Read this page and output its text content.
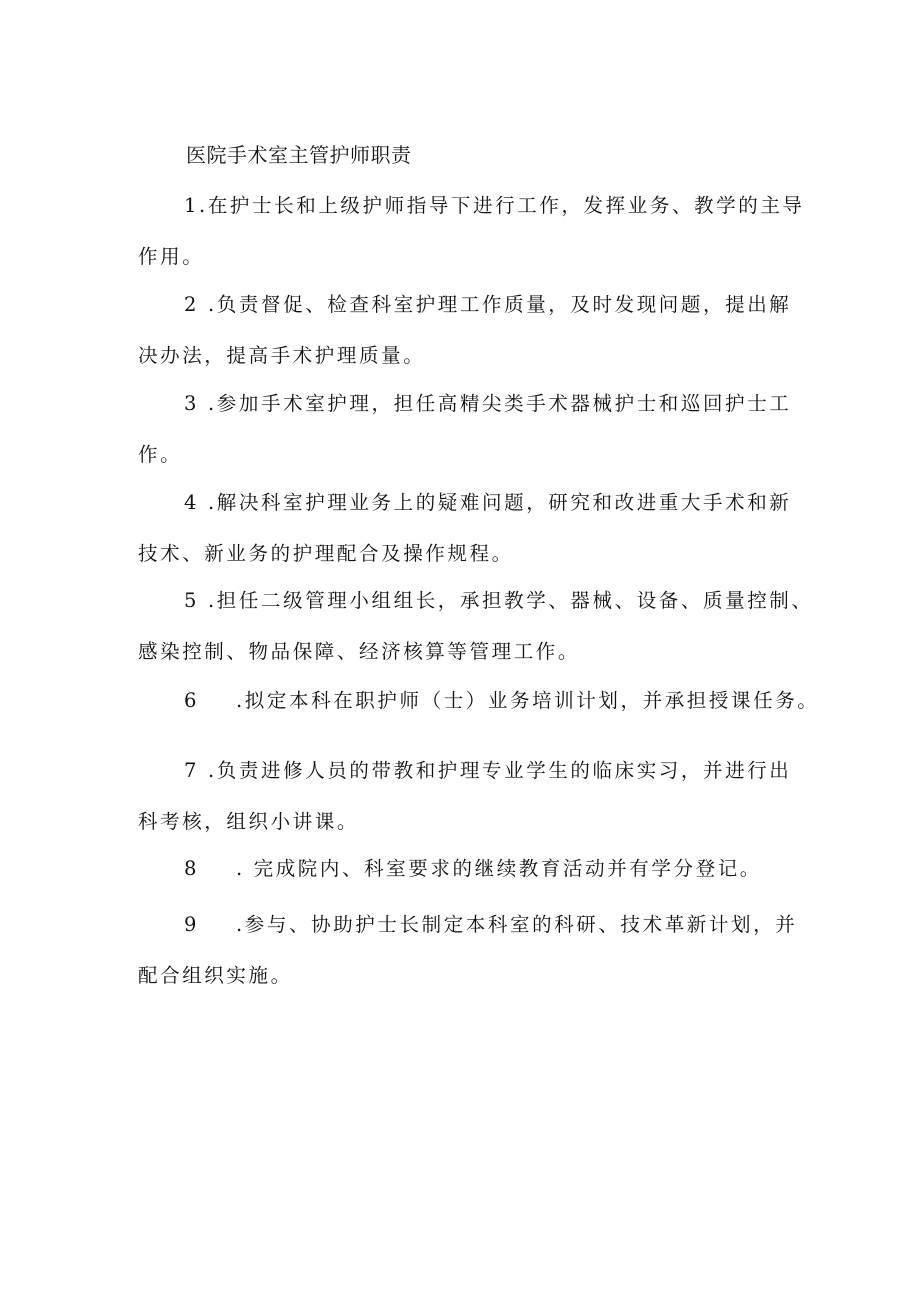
医院手术室主管护师职责
1.在护士长和上级护师指导下进行工作，发挥业务、教学的主导
作用。
2 .负责督促、检查科室护理工作质量，及时发现问题，提出解
决办法，提高手术护理质量。
3 .参加手术室护理，担任高精尖类手术器械护士和巡回护士工
作。
4 .解决科室护理业务上的疑难问题，研究和改进重大手术和新
技术、新业务的护理配合及操作规程。
5 .担任二级管理小组组长，承担教学、器械、设备、质量控制、
感染控制、物品保障、经济核算等管理工作。
6 .拟定本科在职护师（士）业务培训计划，并承担授课任务。
7 .负责进修人员的带教和护理专业学生的临床实习，并进行出
科考核，组织小讲课。
8 . 完成院内、科室要求的继续教育活动并有学分登记。
9 .参与、协助护士长制定本科室的科研、技术革新计划，并
配合组织实施。
